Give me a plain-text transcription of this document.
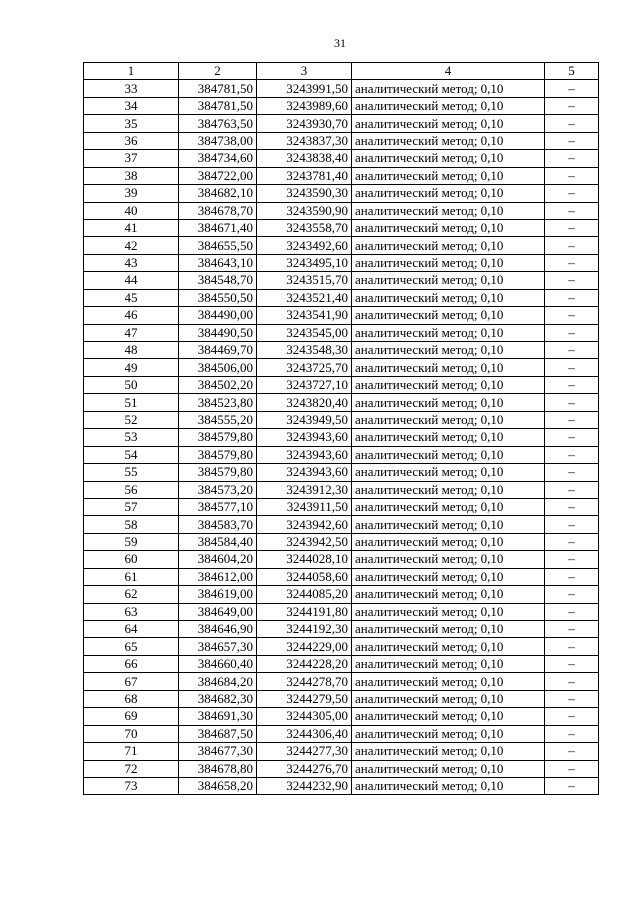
31
1	2	3	4	5
33	384781,50	3243991,50	аналитический метод; 0,10	–
34	384781,50	3243989,60	аналитический метод; 0,10	–
35	384763,50	3243930,70	аналитический метод; 0,10	–
36	384738,00	3243837,30	аналитический метод; 0,10	–
37	384734,60	3243838,40	аналитический метод; 0,10	–
38	384722,00	3243781,40	аналитический метод; 0,10	–
39	384682,10	3243590,30	аналитический метод; 0,10	–
40	384678,70	3243590,90	аналитический метод; 0,10	–
41	384671,40	3243558,70	аналитический метод; 0,10	–
42	384655,50	3243492,60	аналитический метод; 0,10	–
43	384643,10	3243495,10	аналитический метод; 0,10	–
44	384548,70	3243515,70	аналитический метод; 0,10	–
45	384550,50	3243521,40	аналитический метод; 0,10	–
46	384490,00	3243541,90	аналитический метод; 0,10	–
47	384490,50	3243545,00	аналитический метод; 0,10	–
48	384469,70	3243548,30	аналитический метод; 0,10	–
49	384506,00	3243725,70	аналитический метод; 0,10	–
50	384502,20	3243727,10	аналитический метод; 0,10	–
51	384523,80	3243820,40	аналитический метод; 0,10	–
52	384555,20	3243949,50	аналитический метод; 0,10	–
53	384579,80	3243943,60	аналитический метод; 0,10	–
54	384579,80	3243943,60	аналитический метод; 0,10	–
55	384579,80	3243943,60	аналитический метод; 0,10	–
56	384573,20	3243912,30	аналитический метод; 0,10	–
57	384577,10	3243911,50	аналитический метод; 0,10	–
58	384583,70	3243942,60	аналитический метод; 0,10	–
59	384584,40	3243942,50	аналитический метод; 0,10	–
60	384604,20	3244028,10	аналитический метод; 0,10	–
61	384612,00	3244058,60	аналитический метод; 0,10	–
62	384619,00	3244085,20	аналитический метод; 0,10	–
63	384649,00	3244191,80	аналитический метод; 0,10	–
64	384646,90	3244192,30	аналитический метод; 0,10	–
65	384657,30	3244229,00	аналитический метод; 0,10	–
66	384660,40	3244228,20	аналитический метод; 0,10	–
67	384684,20	3244278,70	аналитический метод; 0,10	–
68	384682,30	3244279,50	аналитический метод; 0,10	–
69	384691,30	3244305,00	аналитический метод; 0,10	–
70	384687,50	3244306,40	аналитический метод; 0,10	–
71	384677,30	3244277,30	аналитический метод; 0,10	–
72	384678,80	3244276,70	аналитический метод; 0,10	–
73	384658,20	3244232,90	аналитический метод; 0,10	–
